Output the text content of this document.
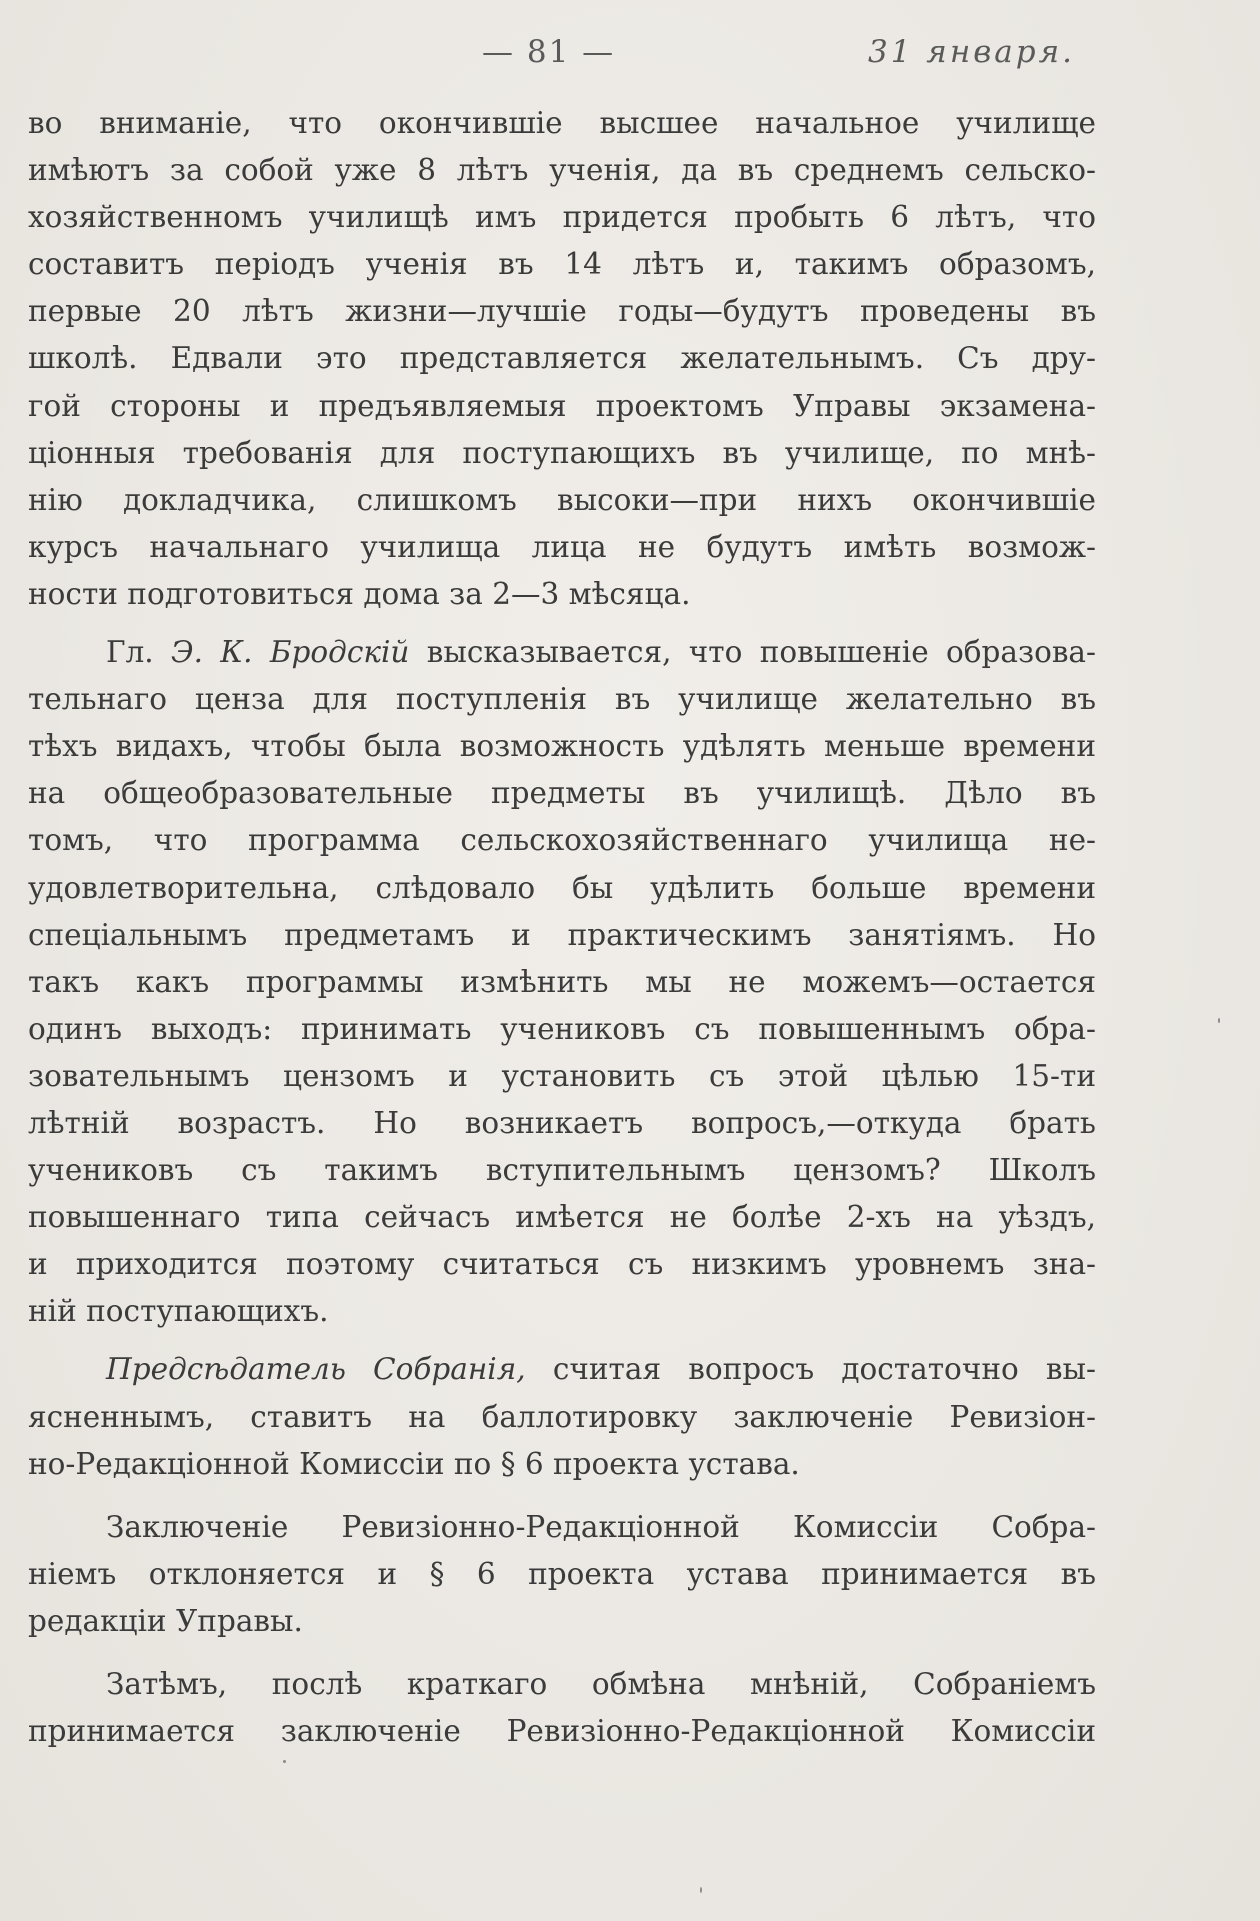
— 81 —	31 января.
во вниманіе, что окончившіе высшее начальное училище
имѣютъ за собой уже 8 лѣтъ ученія, да въ среднемъ сельско-
хозяйственномъ училищѣ имъ придется пробыть 6 лѣтъ, что
составитъ періодъ ученія въ 14 лѣтъ и, такимъ образомъ,
первые 20 лѣтъ жизни—лучшіе годы—будутъ проведены въ
школѣ. Едвали это представляется желательнымъ. Съ дру-
гой стороны и предъявляемыя проектомъ Управы экзамена-
ціонныя требованія для поступающихъ въ училище, по мнѣ-
нію докладчика, слишкомъ высоки—при нихъ окончившіе
курсъ начальнаго училища лица не будутъ имѣть возмож-
ности подготовиться дома за 2—3 мѣсяца.
Гл. Э. К. Бродскій высказывается, что повышеніе образова-
тельнаго ценза для поступленія въ училище желательно въ
тѣхъ видахъ, чтобы была возможность удѣлять меньше времени
на общеобразовательные предметы въ училищѣ. Дѣло въ
томъ, что программа сельскохозяйственнаго училища не-
удовлетворительна, слѣдовало бы удѣлить больше времени
спеціальнымъ предметамъ и практическимъ занятіямъ. Но
такъ какъ программы измѣнить мы не можемъ—остается
одинъ выходъ: принимать учениковъ съ повышеннымъ обра-
зовательнымъ цензомъ и установить съ этой цѣлью 15-ти
лѣтній возрастъ. Но возникаетъ вопросъ,—откуда брать
учениковъ съ такимъ вступительнымъ цензомъ? Школъ
повышеннаго типа сейчасъ имѣется не болѣе 2-хъ на уѣздъ,
и приходится поэтому считаться съ низкимъ уровнемъ зна-
ній поступающихъ.
Предсѣдатель Собранія, считая вопросъ достаточно вы-
ясненнымъ, ставитъ на баллотировку заключеніе Ревизіон-
но-Редакціонной Комиссіи по § 6 проекта устава.
Заключеніе Ревизіонно-Редакціонной Комиссіи Собра-
ніемъ отклоняется и § 6 проекта устава принимается въ
редакціи Управы.
Затѣмъ, послѣ краткаго обмѣна мнѣній, Собраніемъ
принимается заключеніе Ревизіонно-Редакціонной Комиссіи
